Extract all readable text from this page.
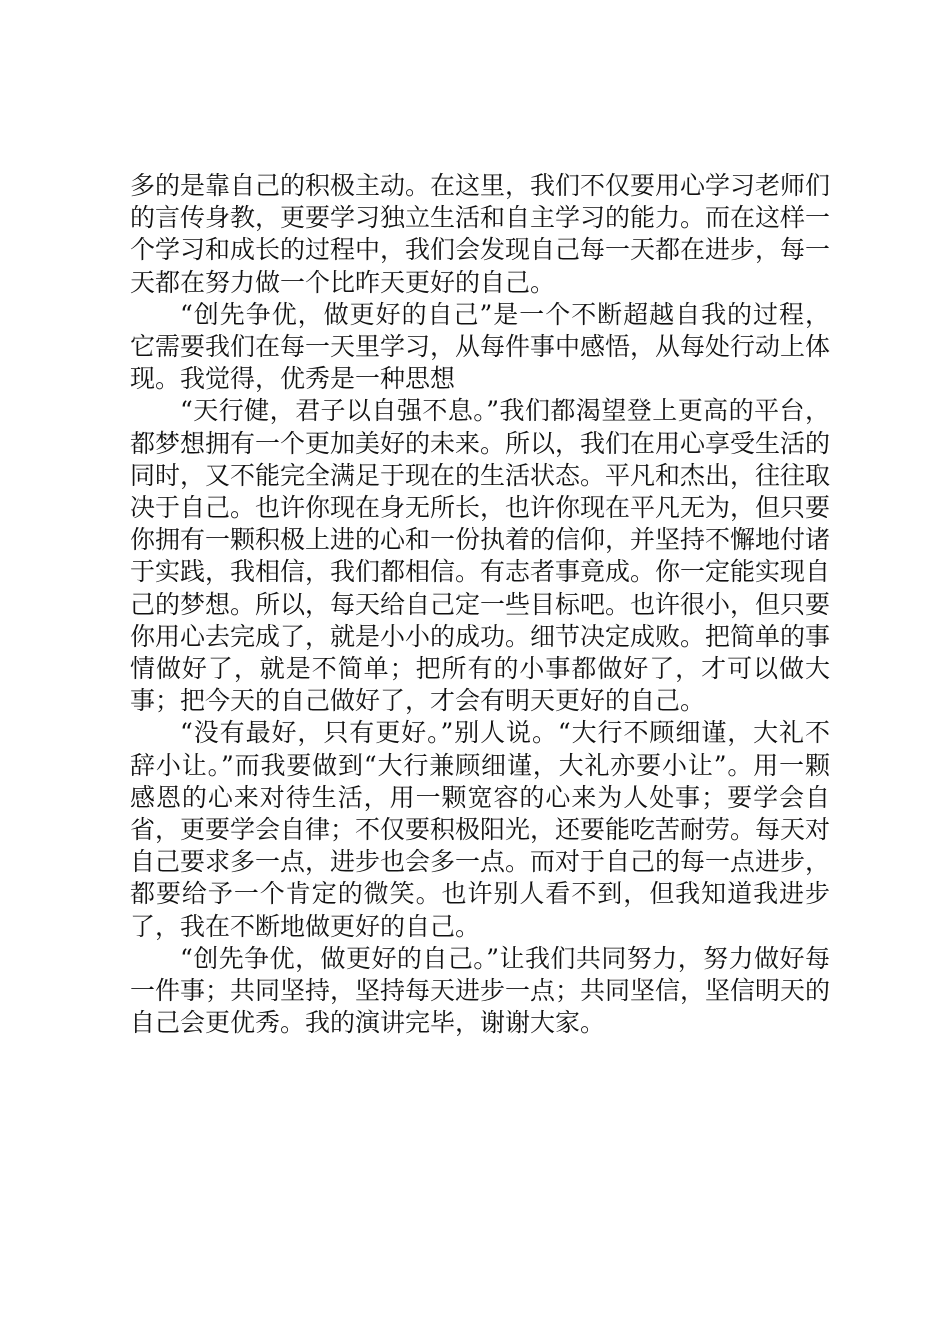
多的是靠自己的积极主动。在这里，我们不仅要用心学习老师们的言传身教，更要学习独立生活和自主学习的能力。而在这样一个学习和成长的过程中，我们会发现自己每一天都在进步，每一天都在努力做一个比昨天更好的自己。

“创先争优，做更好的自己”是一个不断超越自我的过程，它需要我们在每一天里学习，从每件事中感悟，从每处行动上体现。我觉得，优秀是一种思想

“天行健，君子以自强不息。”我们都渴望登上更高的平台，都梦想拥有一个更加美好的未来。所以，我们在用心享受生活的同时，又不能完全满足于现在的生活状态。平凡和杰出，往往取决于自己。也许你现在身无所长，也许你现在平凡无为，但只要你拥有一颗积极上进的心和一份执着的信仰，并坚持不懈地付诸于实践，我相信，我们都相信。有志者事竟成。你一定能实现自己的梦想。所以，每天给自己定一些目标吧。也许很小，但只要你用心去完成了，就是小小的成功。细节决定成败。把简单的事情做好了，就是不简单；把所有的小事都做好了，才可以做大事；把今天的自己做好了，才会有明天更好的自己。

“没有最好，只有更好。”别人说。“大行不顾细谨，大礼不辞小让。”而我要做到“大行兼顾细谨，大礼亦要小让”。用一颗感恩的心来对待生活，用一颗宽容的心来为人处事；要学会自省，更要学会自律；不仅要积极阳光，还要能吃苦耐劳。每天对自己要求多一点，进步也会多一点。而对于自己的每一点进步，都要给予一个肯定的微笑。也许别人看不到，但我知道我进步了，我在不断地做更好的自己。

“创先争优，做更好的自己。”让我们共同努力，努力做好每一件事；共同坚持，坚持每天进步一点；共同坚信，坚信明天的自己会更优秀。我的演讲完毕，谢谢大家。
